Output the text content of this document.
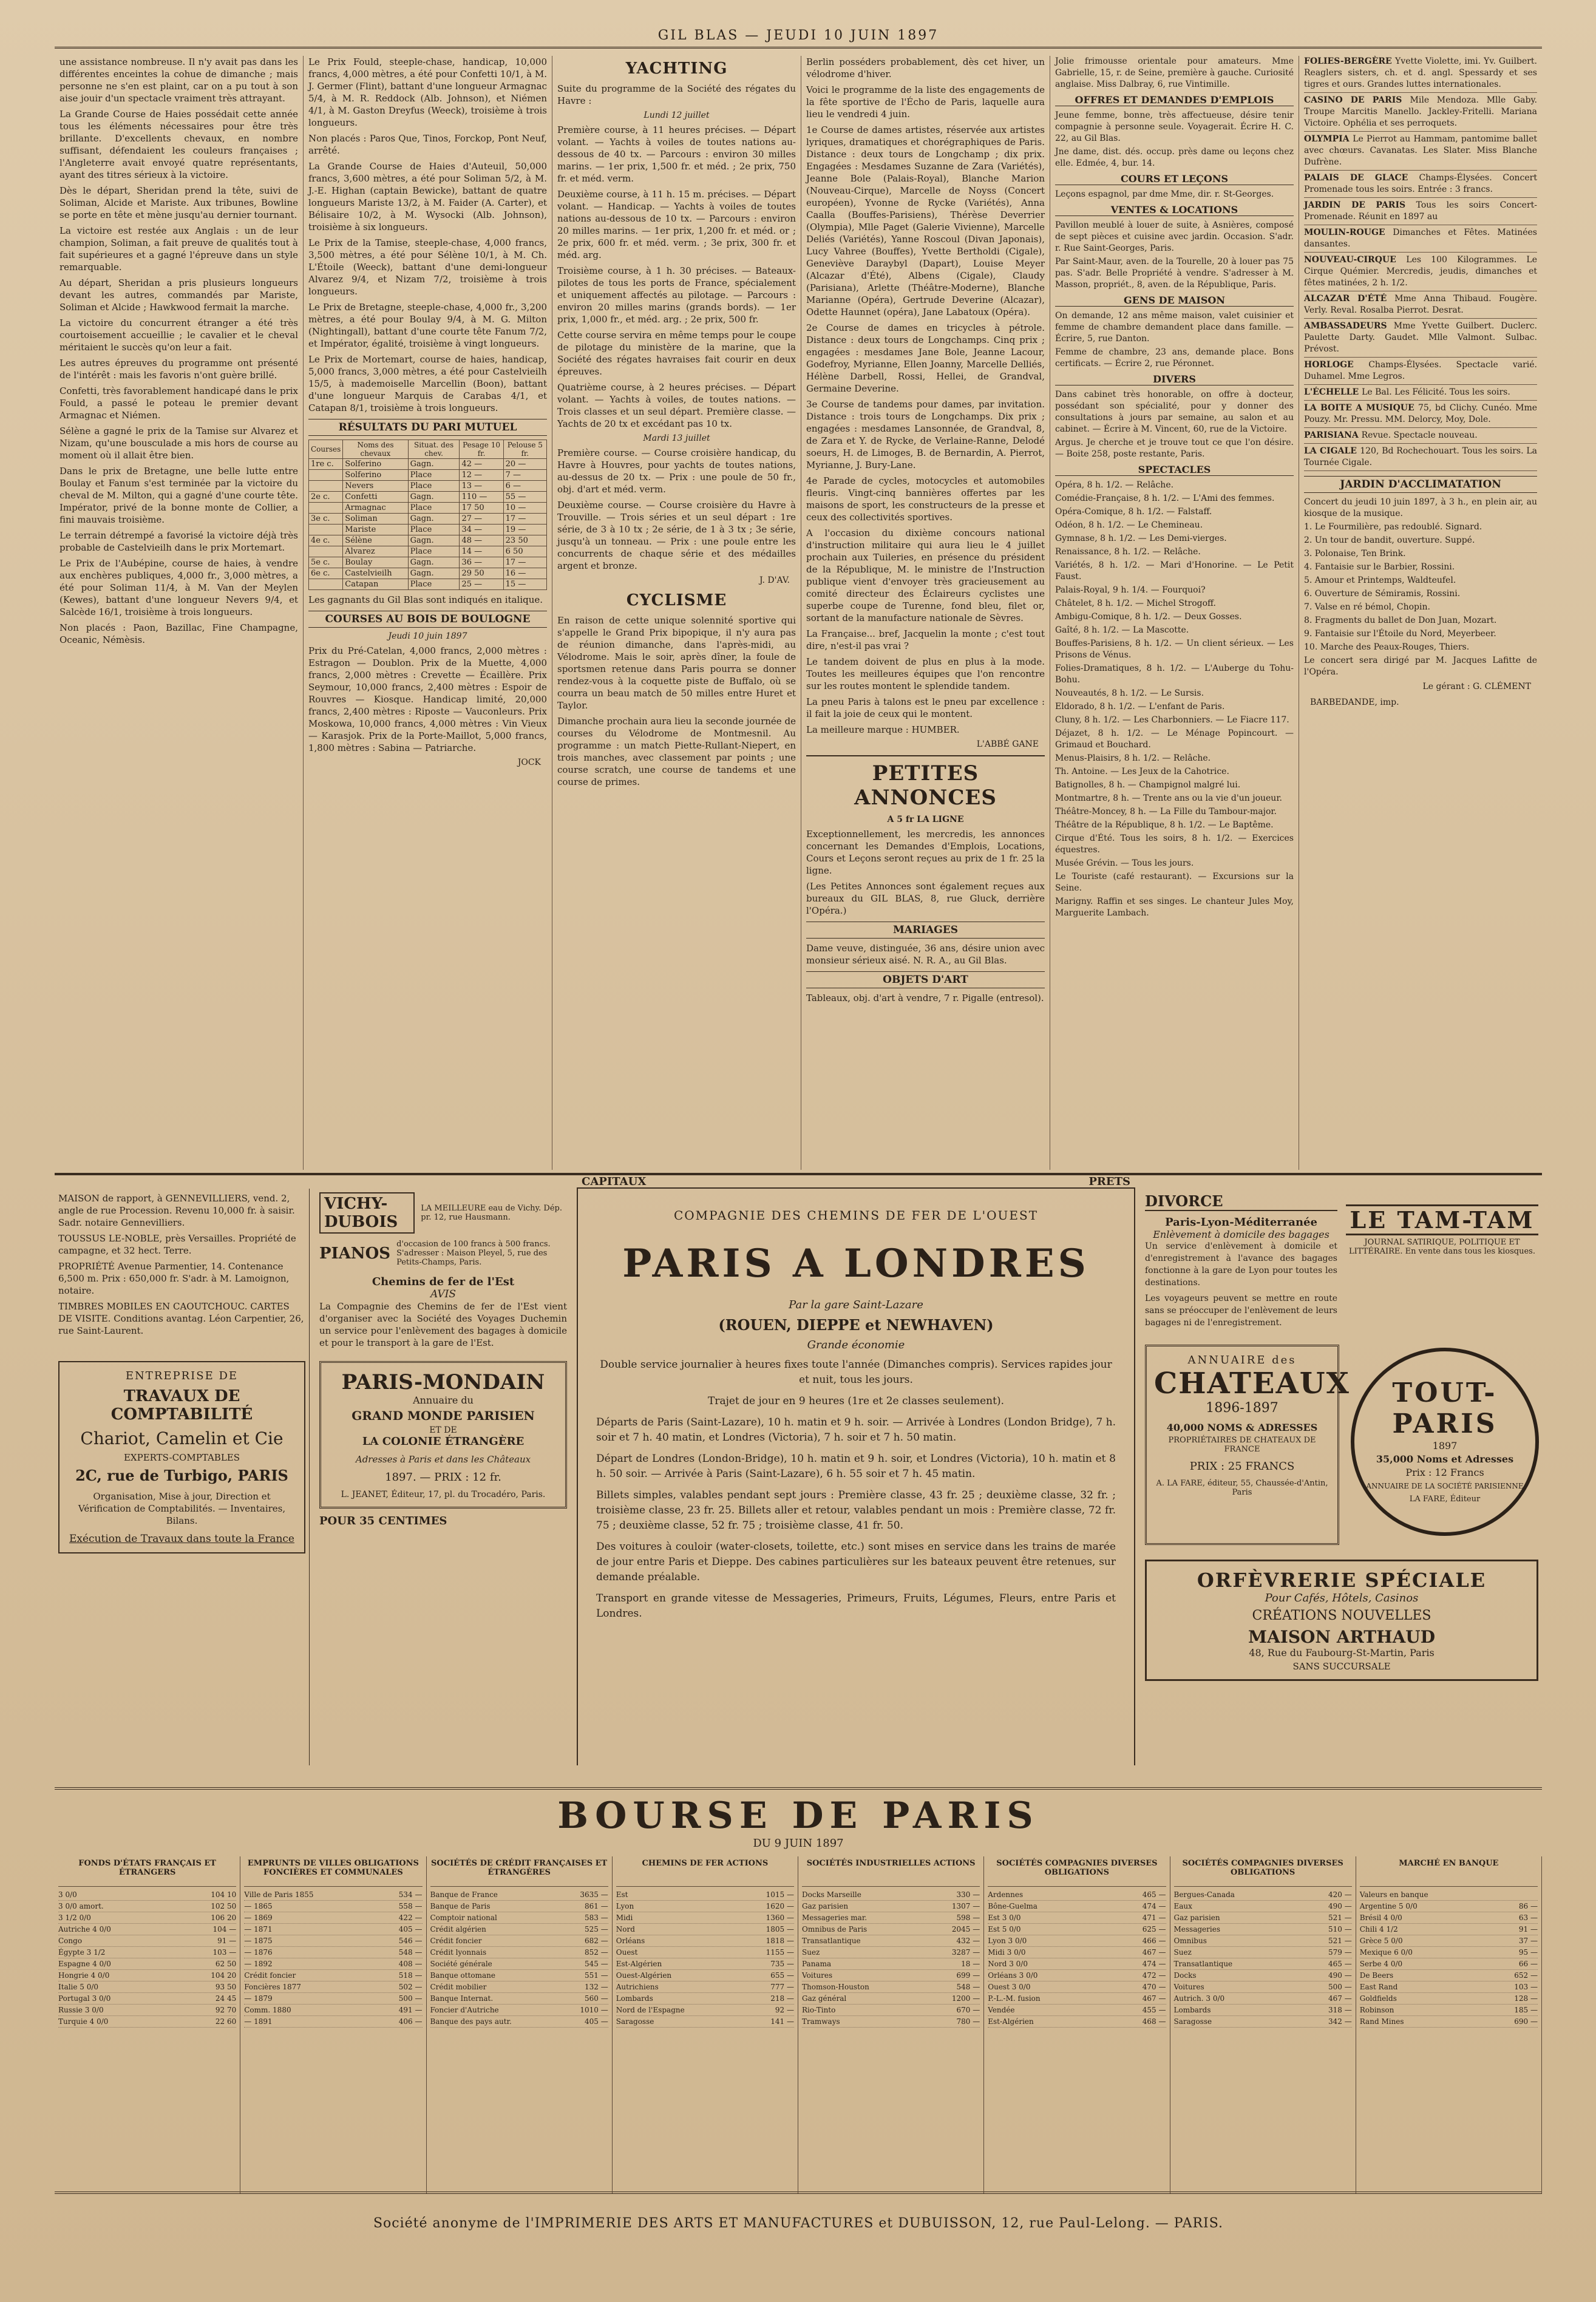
GIL BLAS — JEUDI 10 JUIN 1897

une assistance nombreuse. Il n'y avait pas dans les différentes enceintes la cohue de dimanche ; mais personne ne s'en est plaint, car on a pu tout à son aise jouir d'un spectacle vraiment très attrayant.

La Grande Course de Haies possédait cette année tous les éléments nécessaires pour être très brillante. D'excellents chevaux, en nombre suffisant, défendaient les couleurs françaises ; l'Angleterre avait envoyé quatre représentants, ayant des titres sérieux à la victoire.

Dès le départ, Sheridan prend la tête, suivi de Soliman, Alcide et Mariste. Aux tribunes, Bowline se porte en tête et mène jusqu'au dernier tournant.

La victoire est restée aux Anglais : un de leur champion, Soliman, a fait preuve de qualités tout à fait supérieures et a gagné l'épreuve dans un style remarquable.

Au départ, Sheridan a pris plusieurs longueurs devant les autres, commandés par Mariste, Soliman et Alcide ; Hawkwood fermait la marche.

La victoire du concurrent étranger a été très courtoisement accueillie ; le cavalier et le cheval méritaient le succès qu'on leur a fait.

Les autres épreuves du programme ont présenté de l'intérêt : mais les favoris n'ont guère brillé.

Confetti, très favorablement handicapé dans le prix Fould, a passé le poteau le premier devant Armagnac et Niémen.

Sélène a gagné le prix de la Tamise sur Alvarez et Nizam, qu'une bousculade a mis hors de course au moment où il allait être bien.

Dans le prix de Bretagne, une belle lutte entre Boulay et Fanum s'est terminée par la victoire du cheval de M. Milton, qui a gagné d'une courte tête. Impérator, privé de la bonne monte de Collier, a fini mauvais troisième.

Le terrain détrempé a favorisé la victoire déjà très probable de Castelvieilh dans le prix Mortemart.

Le Prix de l'Aubépine, course de haies, à vendre aux enchères publiques, 4,000 fr., 3,000 mètres, a été pour Soliman 11/4, à M. Van der Meylen (Kewes), battant d'une longueur Nevers 9/4, et Salcède 16/1, troisième à trois longueurs.

Non placés : Paon, Bazillac, Fine Champagne, Oceanic, Némèsis.

Le Prix Fould, steeple-chase, handicap, 10,000 francs, 4,000 mètres, a été pour Confetti 10/1, à M. J. Germer (Flint), battant d'une longueur Armagnac 5/4, à M. R. Reddock (Alb. Johnson), et Niémen 4/1, à M. Gaston Dreyfus (Weeck), troisième à trois longueurs.

Non placés : Paros Que, Tinos, Forckop, Pont Neuf, arrêté.

La Grande Course de Haies d'Auteuil, 50,000 francs, 3,600 mètres, a été pour Soliman 5/2, à M. J.-E. Highan (captain Bewicke), battant de quatre longueurs Mariste 13/2, à M. Faider (A. Carter), et Bélisaire 10/2, à M. Wysocki (Alb. Johnson), troisième à six longueurs.

Le Prix de la Tamise, steeple-chase, 4,000 francs, 3,500 mètres, a été pour Sélène 10/1, à M. Ch. L'Étoile (Weeck), battant d'une demi-longueur Alvarez 9/4, et Nizam 7/2, troisième à trois longueurs.

Le Prix de Bretagne, steeple-chase, 4,000 fr., 3,200 mètres, a été pour Boulay 9/4, à M. G. Milton (Nightingall), battant d'une courte tête Fanum 7/2, et Impérator, égalité, troisième à vingt longueurs.

Le Prix de Mortemart, course de haies, handicap, 5,000 francs, 3,000 mètres, a été pour Castelvieilh 15/5, à mademoiselle Marcellin (Boon), battant d'une longueur Marquis de Carabas 4/1, et Catapan 8/1, troisième à trois longueurs.

RÉSULTATS DU PARI MUTUEL
Courses	Noms des chevaux	Situat. des chev.	Pesage 10 fr.	Pelouse 5 fr.
1re c.	Solferino	Gagn.	42 —	20 —
	Solferino	Place	12 —	7 —
	Nevers	Place	13 —	6 —
2e c.	Confetti	Gagn.	110 —	55 —
	Armagnac	Place	17 50	10 —
3e c.	Soliman	Gagn.	27 —	17 —
	Mariste	Place	34 —	19 —
4e c.	Sélène	Gagn.	48 —	23 50
	Alvarez	Place	14 —	6 50
5e c.	Boulay	Gagn.	36 —	17 —
6e c.	Castelvieilh	Gagn.	29 50	16 —
	Catapan	Place	25 —	15 —

Les gagnants du Gil Blas sont indiqués en italique.

COURSES AU BOIS DE BOULOGNE
Jeudi 10 juin 1897

Prix du Pré-Catelan, 4,000 francs, 2,000 mètres : Estragon — Doublon. Prix de la Muette, 4,000 francs, 2,000 mètres : Crevette — Écaillère. Prix Seymour, 10,000 francs, 2,400 mètres : Espoir de Rouvres — Kiosque. Handicap limité, 20,000 francs, 2,400 mètres : Riposte — Vauconleurs. Prix Moskowa, 10,000 francs, 4,000 mètres : Vin Vieux — Karasjok. Prix de la Porte-Maillot, 5,000 francs, 1,800 mètres : Sabina — Patriarche.

JOCK
YACHTING

Suite du programme de la Société des régates du Havre :

Lundi 12 juillet

Première course, à 11 heures précises. — Départ volant. — Yachts à voiles de toutes nations au-dessous de 40 tx. — Parcours : environ 30 milles marins. — 1er prix, 1,500 fr. et méd. ; 2e prix, 750 fr. et méd. verm.

Deuxième course, à 11 h. 15 m. précises. — Départ volant. — Handicap. — Yachts à voiles de toutes nations au-dessous de 10 tx. — Parcours : environ 20 milles marins. — 1er prix, 1,200 fr. et méd. or ; 2e prix, 600 fr. et méd. verm. ; 3e prix, 300 fr. et méd. arg.

Troisième course, à 1 h. 30 précises. — Bateaux-pilotes de tous les ports de France, spécialement et uniquement affectés au pilotage. — Parcours : environ 20 milles marins (grands bords). — 1er prix, 1,000 fr., et méd. arg. ; 2e prix, 500 fr.

Cette course servira en même temps pour le coupe de pilotage du ministère de la marine, que la Société des régates havraises fait courir en deux épreuves.

Quatrième course, à 2 heures précises. — Départ volant. — Yachts à voiles, de toutes nations. — Trois classes et un seul départ. Première classe. — Yachts de 20 tx et excédant pas 10 tx.

Mardi 13 juillet

Première course. — Course croisière handicap, du Havre à Houvres, pour yachts de toutes nations, au-dessus de 20 tx. — Prix : une poule de 50 fr., obj. d'art et méd. verm.

Deuxième course. — Course croisière du Havre à Trouville. — Trois séries et un seul départ : 1re série, de 3 à 10 tx ; 2e série, de 1 à 3 tx ; 3e série, jusqu'à un tonneau. — Prix : une poule entre les concurrents de chaque série et des médailles argent et bronze.

J. D'AV.
CYCLISME

En raison de cette unique solennité sportive qui s'appelle le Grand Prix bipopique, il n'y aura pas de réunion dimanche, dans l'après-midi, au Vélodrome. Mais le soir, après dîner, la foule de sportsmen retenue dans Paris pourra se donner rendez-vous à la coquette piste de Buffalo, où se courra un beau match de 50 milles entre Huret et Taylor.

Dimanche prochain aura lieu la seconde journée de courses du Vélodrome de Montmesnil. Au programme : un match Piette-Rullant-Niepert, en trois manches, avec classement par points ; une course scratch, une course de tandems et une course de primes.

Berlin posséders probablement, dès cet hiver, un vélodrome d'hiver.

Voici le programme de la liste des engagements de la fête sportive de l'Écho de Paris, laquelle aura lieu le vendredi 4 juin.

1e Course de dames artistes, réservée aux artistes lyriques, dramatiques et chorégraphiques de Paris. Distance : deux tours de Longchamp ; dix prix. Engagées : Mesdames Suzanne de Zara (Variétés), Jeanne Bole (Palais-Royal), Blanche Marion (Nouveau-Cirque), Marcelle de Noyss (Concert européen), Yvonne de Rycke (Variétés), Anna Caalla (Bouffes-Parisiens), Thérèse Deverrier (Olympia), Mlle Paget (Galerie Vivienne), Marcelle Deliés (Variétés), Yanne Roscoul (Divan Japonais), Lucy Vahree (Bouffes), Yvette Bertholdi (Cigale), Geneviève Daraybyl (Dapart), Louise Meyer (Alcazar d'Été), Albens (Cigale), Claudy (Parisiana), Arlette (Théâtre-Moderne), Blanche Marianne (Opéra), Gertrude Deverine (Alcazar), Odette Haunnet (opéra), Jane Labatoux (Opéra).

2e Course de dames en tricycles à pétrole. Distance : deux tours de Longchamps. Cinq prix ; engagées : mesdames Jane Bole, Jeanne Lacour, Godefroy, Myrianne, Ellen Joanny, Marcelle Delliés, Hélène Darbell, Rossi, Hellei, de Grandval, Germaine Deverine.

3e Course de tandems pour dames, par invitation. Distance : trois tours de Longchamps. Dix prix ; engagées : mesdames Lansonnée, de Grandval, 8, de Zara et Y. de Rycke, de Verlaine-Ranne, Delodé soeurs, H. de Limoges, B. de Bernardin, A. Pierrot, Myrianne, J. Bury-Lane.

4e Parade de cycles, motocycles et automobiles fleuris. Vingt-cinq bannières offertes par les maisons de sport, les constructeurs de la presse et ceux des collectivités sportives.

A l'occasion du dixième concours national d'instruction militaire qui aura lieu le 4 juillet prochain aux Tuileries, en présence du président de la République, M. le ministre de l'Instruction publique vient d'envoyer très gracieusement au comité directeur des Éclaireurs cyclistes une superbe coupe de Turenne, fond bleu, filet or, sortant de la manufacture nationale de Sèvres.

La Française... bref, Jacquelin la monte ; c'est tout dire, n'est-il pas vrai ?

Le tandem doivent de plus en plus à la mode. Toutes les meilleures équipes que l'on rencontre sur les routes montent le splendide tandem.

La pneu Paris à talons est le pneu par excellence : il fait la joie de ceux qui le montent.

La meilleure marque : HUMBER.

L'ABBÉ GANE
PETITES ANNONCES
A 5 fr LA LIGNE

Exceptionnellement, les mercredis, les annonces concernant les Demandes d'Emplois, Locations, Cours et Leçons seront reçues au prix de 1 fr. 25 la ligne.

(Les Petites Annonces sont également reçues aux bureaux du GIL BLAS, 8, rue Gluck, derrière l'Opéra.)

MARIAGES

Dame veuve, distinguée, 36 ans, désire union avec monsieur sérieux aisé. N. R. A., au Gil Blas.

OBJETS D'ART

Tableaux, obj. d'art à vendre, 7 r. Pigalle (entresol).

Jolie frimousse orientale pour amateurs. Mme Gabrielle, 15, r. de Seine, première à gauche. Curiosité anglaise. Miss Dalbray, 6, rue Vintimille.

OFFRES ET DEMANDES D'EMPLOIS

Jeune femme, bonne, très affectueuse, désire tenir compagnie à personne seule. Voyagerait. Écrire H. C. 22, au Gil Blas.

Jne dame, dist. dés. occup. près dame ou leçons chez elle. Edmée, 4, bur. 14.

COURS ET LEÇONS

Leçons espagnol, par dme Mme, dir. r. St-Georges.

VENTES & LOCATIONS

Pavillon meublé à louer de suite, à Asnières, composé de sept pièces et cuisine avec jardin. Occasion. S'adr. r. Rue Saint-Georges, Paris.

Par Saint-Maur, aven. de la Tourelle, 20 à louer pas 75 pas. S'adr. Belle Propriété à vendre. S'adresser à M. Masson, propriét., 8, aven. de la République, Paris.

GENS DE MAISON

On demande, 12 ans même maison, valet cuisinier et femme de chambre demandent place dans famille. — Écrire, 5, rue Danton.

Femme de chambre, 23 ans, demande place. Bons certificats. — Écrire 2, rue Péronnet.

DIVERS

Dans cabinet très honorable, on offre à docteur, possédant son spécialité, pour y donner des consultations à jours par semaine, au salon et au cabinet. — Écrire à M. Vincent, 60, rue de la Victoire.

Argus. Je cherche et je trouve tout ce que l'on désire. — Boite 258, poste restante, Paris.

SPECTACLES

Opéra, 8 h. 1/2. — Relâche.

Comédie-Française, 8 h. 1/2. — L'Ami des femmes.

Opéra-Comique, 8 h. 1/2. — Falstaff.

Odéon, 8 h. 1/2. — Le Chemineau.

Gymnase, 8 h. 1/2. — Les Demi-vierges.

Renaissance, 8 h. 1/2. — Relâche.

Variétés, 8 h. 1/2. — Mari d'Honorine. — Le Petit Faust.

Palais-Royal, 9 h. 1/4. — Fourquoi?

Châtelet, 8 h. 1/2. — Michel Strogoff.

Ambigu-Comique, 8 h. 1/2. — Deux Gosses.

Gaîté, 8 h. 1/2. — La Mascotte.

Bouffes-Parisiens, 8 h. 1/2. — Un client sérieux. — Les Prisons de Vénus.

Folies-Dramatiques, 8 h. 1/2. — L'Auberge du Tohu-Bohu.

Nouveautés, 8 h. 1/2. — Le Sursis.

Eldorado, 8 h. 1/2. — L'enfant de Paris.

Cluny, 8 h. 1/2. — Les Charbonniers. — Le Fiacre 117.

Déjazet, 8 h. 1/2. — Le Ménage Popincourt. — Grimaud et Bouchard.

Menus-Plaisirs, 8 h. 1/2. — Relâche.

Th. Antoine. — Les Jeux de la Cahotrice.

Batignolles, 8 h. — Champignol malgré lui.

Montmartre, 8 h. — Trente ans ou la vie d'un joueur.

Théâtre-Moncey, 8 h. — La Fille du Tambour-major.

Théâtre de la République, 8 h. 1/2. — Le Baptême.

Cirque d'Été. Tous les soirs, 8 h. 1/2. — Exercices équestres.

Musée Grévin. — Tous les jours.

Le Touriste (café restaurant). — Excursions sur la Seine.

Marigny. Raffin et ses singes. Le chanteur Jules Moy, Marguerite Lambach.

FOLIES-BERGÈRE Yvette Violette, imi. Yv. Guilbert. Reaglers sisters, ch. et d. angl. Spessardy et ses tigres et ours. Grandes luttes internationales.

CASINO DE PARIS Mile Mendoza. Mlle Gaby. Troupe Marcitis Manello. Jackley-Fritelli. Mariana Victoire. Ophélia et ses perroquets.

OLYMPIA Le Pierrot au Hammam, pantomime ballet avec chœurs. Cavanatas. Les Slater. Miss Blanche Dufrène.

PALAIS DE GLACE Champs-Élysées. Concert Promenade tous les soirs. Entrée : 3 francs.

JARDIN DE PARIS Tous les soirs Concert-Promenade. Réunit en 1897 au

MOULIN-ROUGE Dimanches et Fêtes. Matinées dansantes.

NOUVEAU-CIRQUE Les 100 Kilogrammes. Le Cirque Quémier. Mercredis, jeudis, dimanches et fêtes matinées, 2 h. 1/2.

ALCAZAR D'ÉTÉ Mme Anna Thibaud. Fougère. Verly. Reval. Rosalba Pierrot. Desrat.

AMBASSADEURS Mme Yvette Guilbert. Duclerc. Paulette Darty. Gaudet. Mlle Valmont. Sulbac. Prévost.

HORLOGE Champs-Élysées. Spectacle varié. Duhamel. Mme Legros.

L'ÉCHELLE Le Bal. Les Félicité. Tous les soirs.

LA BOITE A MUSIQUE 75, bd Clichy. Cunéo. Mme Pouzy. Mr. Pressu. MM. Delorcy, Moy, Dole.

PARISIANA Revue. Spectacle nouveau.

LA CIGALE 120, Bd Rochechouart. Tous les soirs. La Tournée Cigale.

JARDIN D'ACCLIMATATION

Concert du jeudi 10 juin 1897, à 3 h., en plein air, au kiosque de la musique.

1. Le Fourmilière, pas redoublé. Signard.

2. Un tour de bandit, ouverture. Suppé.

3. Polonaise, Ten Brink.

4. Fantaisie sur le Barbier, Rossini.

5. Amour et Printemps, Waldteufel.

6. Ouverture de Sémiramis, Rossini.

7. Valse en ré bémol, Chopin.

8. Fragments du ballet de Don Juan, Mozart.

9. Fantaisie sur l'Étoile du Nord, Meyerbeer.

10. Marche des Peaux-Rouges, Thiers.

Le concert sera dirigé par M. Jacques Lafitte de l'Opéra.

Le gérant : G. CLÉMENT
BARBEDANDE, imp.

MAISON de rapport, à GENNEVILLIERS, vend. 2, angle de rue Procession. Revenu 10,000 fr. à saisir. Sadr. notaire Gennevilliers.

TOUSSUS LE-NOBLE, près Versailles. Propriété de campagne, et 32 hect. Terre.

PROPRIÉTÉ Avenue Parmentier, 14. Contenance 6,500 m. Prix : 650,000 fr. S'adr. à M. Lamoignon, notaire.

TIMBRES MOBILES EN CAOUTCHOUC. CARTES DE VISITE. Conditions avantag. Léon Carpentier, 26, rue Saint-Laurent.

ENTREPRISE DE
TRAVAUX DE COMPTABILITÉ
Chariot, Camelin et Cie
EXPERTS-COMPTABLES
2C, rue de Turbigo, PARIS
Organisation, Mise à jour, Direction et Vérification de Comptabilités. — Inventaires, Bilans.
Exécution de Travaux dans toute la France
VICHY-DUBOIS
LA MEILLEURE eau de Vichy. Dép. pr. 12, rue Hausmann.
PIANOS d'occasion de 100 francs à 500 francs. S'adresser : Maison Pleyel, 5, rue des Petits-Champs, Paris.
Chemins de fer de l'Est
AVIS

La Compagnie des Chemins de fer de l'Est vient d'organiser avec la Société des Voyages Duchemin un service pour l'enlèvement des bagages à domicile et pour le transport à la gare de l'Est.

PARIS-MONDAIN
Annuaire du
GRAND MONDE PARISIEN
ET DE
LA COLONIE ÉTRANGÈRE
Adresses à Paris et dans les Châteaux
1897. — PRIX : 12 fr.
L. JEANET, Éditeur, 17, pl. du Trocadéro, Paris.
POUR 35 CENTIMES
CAPITAUX	PRETS
COMPAGNIE DES CHEMINS DE FER DE L'OUEST
PARIS A LONDRES
Par la gare Saint-Lazare
(ROUEN, DIEPPE et NEWHAVEN)
Grande économie

Double service journalier à heures fixes toute l'année (Dimanches compris). Services rapides jour et nuit, tous les jours.

Trajet de jour en 9 heures (1re et 2e classes seulement).

Départs de Paris (Saint-Lazare), 10 h. matin et 9 h. soir. — Arrivée à Londres (London Bridge), 7 h. soir et 7 h. 40 matin, et Londres (Victoria), 7 h. soir et 7 h. 50 matin.

Départ de Londres (London-Bridge), 10 h. matin et 9 h. soir, et Londres (Victoria), 10 h. matin et 8 h. 50 soir. — Arrivée à Paris (Saint-Lazare), 6 h. 55 soir et 7 h. 45 matin.

Billets simples, valables pendant sept jours : Première classe, 43 fr. 25 ; deuxième classe, 32 fr. ; troisième classe, 23 fr. 25. Billets aller et retour, valables pendant un mois : Première classe, 72 fr. 75 ; deuxième classe, 52 fr. 75 ; troisième classe, 41 fr. 50.

Des voitures à couloir (water-closets, toilette, etc.) sont mises en service dans les trains de marée de jour entre Paris et Dieppe. Des cabines particulières sur les bateaux peuvent être retenues, sur demande préalable.

Transport en grande vitesse de Messageries, Primeurs, Fruits, Légumes, Fleurs, entre Paris et Londres.

DIVORCE
Paris-Lyon-Méditerranée
Enlèvement à domicile des bagages

Un service d'enlèvement à domicile et d'enregistrement à l'avance des bagages fonctionne à la gare de Lyon pour toutes les destinations.

Les voyageurs peuvent se mettre en route sans se préoccuper de l'enlèvement de leurs bagages ni de l'enregistrement.

LE TAM-TAM
JOURNAL SATIRIQUE, POLITIQUE ET LITTÉRAIRE. En vente dans tous les kiosques.
ANNUAIRE des
CHATEAUX
1896-1897
40,000 NOMS & ADRESSES
PROPRIÉTAIRES DE CHATEAUX DE FRANCE
PRIX : 25 FRANCS
A. LA FARE, éditeur, 55, Chaussée-d'Antin, Paris
TOUT-PARIS
1897
35,000 Noms et Adresses
Prix : 12 Francs
ANNUAIRE DE LA SOCIÉTÉ PARISIENNE
LA FARE, Éditeur
ORFÈVRERIE SPÉCIALE
Pour Cafés, Hôtels, Casinos
CRÉATIONS NOUVELLES
MAISON ARTHAUD
48, Rue du Faubourg-St-Martin, Paris
SANS SUCCURSALE
BOURSE DE PARIS
DU 9 JUIN 1897
FONDS D'ÉTATS FRANÇAIS ET ÉTRANGERS
3 0/0	104 10
3 0/0 amort.	102 50
3 1/2 0/0	106 20
Autriche 4 0/0	104 —
Congo	91 —
Égypte 3 1/2	103 —
Espagne 4 0/0	62 50
Hongrie 4 0/0	104 20
Italie 5 0/0	93 50
Portugal 3 0/0	24 45
Russie 3 0/0	92 70
Turquie 4 0/0	22 60
EMPRUNTS DE VILLES OBLIGATIONS FONCIÈRES ET COMMUNALES
Ville de Paris 1855	534 —
— 1865	558 —
— 1869	422 —
— 1871	405 —
— 1875	546 —
— 1876	548 —
— 1892	408 —
Crédit foncier	518 —
Foncières 1877	502 —
— 1879	500 —
Comm. 1880	491 —
— 1891	406 —
SOCIÉTÉS DE CRÉDIT FRANÇAISES ET ÉTRANGÈRES
Banque de France	3635 —
Banque de Paris	861 —
Comptoir national	583 —
Crédit algérien	525 —
Crédit foncier	682 —
Crédit lyonnais	852 —
Société générale	545 —
Banque ottomane	551 —
Crédit mobilier	132 —
Banque Internat.	560 —
Foncier d'Autriche	1010 —
Banque des pays autr.	405 —
CHEMINS DE FER ACTIONS
Est	1015 —
Lyon	1620 —
Midi	1360 —
Nord	1805 —
Orléans	1818 —
Ouest	1155 —
Est-Algérien	735 —
Ouest-Algérien	655 —
Autrichiens	777 —
Lombards	218 —
Nord de l'Espagne	92 —
Saragosse	141 —
SOCIÉTÉS INDUSTRIELLES ACTIONS
Docks Marseille	330 —
Gaz parisien	1307 —
Messageries mar.	598 —
Omnibus de Paris	2045 —
Transatlantique	432 —
Suez	3287 —
Panama	18 —
Voitures	699 —
Thomson-Houston	548 —
Gaz général	1200 —
Rio-Tinto	670 —
Tramways	780 —
SOCIÉTÉS COMPAGNIES DIVERSES OBLIGATIONS
Ardennes	465 —
Bône-Guelma	474 —
Est 3 0/0	471 —
Est 5 0/0	625 —
Lyon 3 0/0	466 —
Midi 3 0/0	467 —
Nord 3 0/0	474 —
Orléans 3 0/0	472 —
Ouest 3 0/0	470 —
P.-L.-M. fusion	467 —
Vendée	455 —
Est-Algérien	468 —
SOCIÉTÉS COMPAGNIES DIVERSES OBLIGATIONS
Bergues-Canada	420 —
Eaux	490 —
Gaz parisien	521 —
Messageries	510 —
Omnibus	521 —
Suez	579 —
Transatlantique	465 —
Docks	490 —
Voitures	500 —
Autrich. 3 0/0	467 —
Lombards	318 —
Saragosse	342 —
MARCHÉ EN BANQUE
Valeurs en banque
Argentine 5 0/0	86 —
Brésil 4 0/0	63 —
Chili 4 1/2	91 —
Grèce 5 0/0	37 —
Mexique 6 0/0	95 —
Serbe 4 0/0	66 —
De Beers	652 —
East Rand	103 —
Goldfields	128 —
Robinson	185 —
Rand Mines	690 —
Société anonyme de l'IMPRIMERIE DES ARTS ET MANUFACTURES et DUBUISSON, 12, rue Paul-Lelong. — PARIS.
